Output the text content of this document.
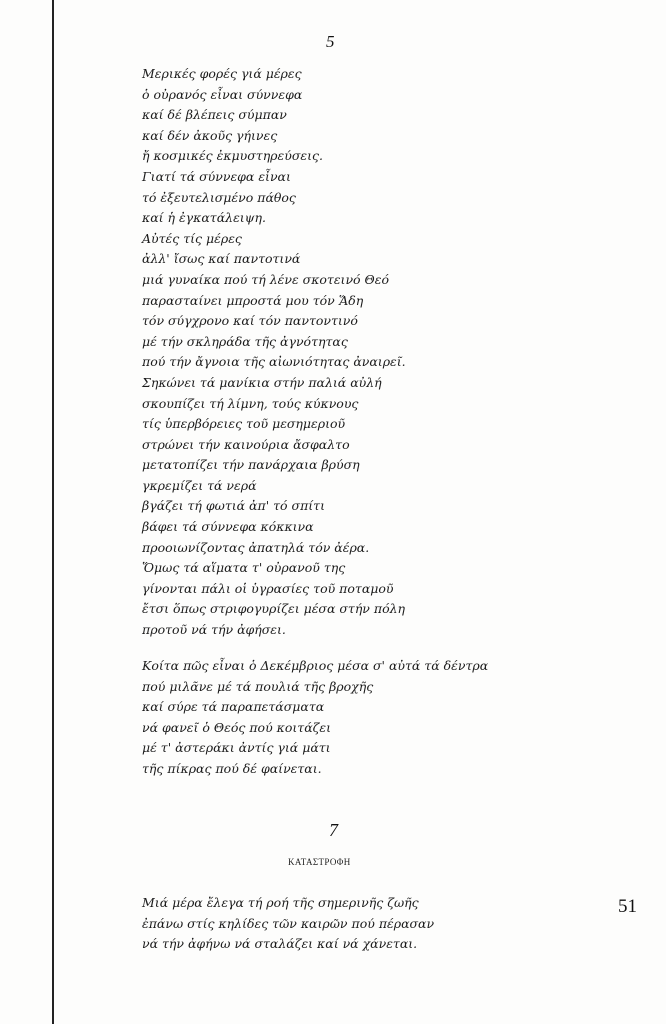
5
Μερικές φορές γιά μέρες
ὁ οὐρανός εἶναι σύννεφα
καί δέ βλέπεις σύμπαν
καί δέν ἀκοῦς γήινες
ἤ κοσμικές ἐκμυστηρεύσεις.
Γιατί τά σύννεφα εἶναι
τό ἐξευτελισμένο πάθος
καί ἡ ἐγκατάλειψη.
Αὐτές τίς μέρες
ἀλλ' ἴσως καί παντοτινά
μιά γυναίκα πού τή λένε σκοτεινό Θεό
παρασταίνει μπροστά μου τόν Ἅδη
τόν σύγχρονο καί τόν παντοντινό
μέ τήν σκληράδα τῆς ἀγνότητας
πού τήν ἄγνοια τῆς αἰωνιότητας ἀναιρεῖ.
Σηκώνει τά μανίκια στήν παλιά αὐλή
σκουπίζει τή λίμνη, τούς κύκνους
τίς ὑπερβόρειες τοῦ μεσημεριοῦ
στρώνει τήν καινούρια ἄσφαλτο
μετατοπίζει τήν πανάρχαια βρύση
γκρεμίζει τά νερά
βγάζει τή φωτιά ἀπ' τό σπίτι
βάφει τά σύννεφα κόκκινα
προοιωνίζοντας ἀπατηλά τόν ἀέρα.
Ὅμως τά αἵματα τ' οὐρανοῦ της
γίνονται πάλι οἱ ὑγρασίες τοῦ ποταμοῦ
ἔτσι ὅπως στριφογυρίζει μέσα στήν πόλη
προτοῦ νά τήν ἀφήσει.
Κοίτα πῶς εἶναι ὁ Δεκέμβριος μέσα σ' αὐτά τά δέντρα
πού μιλᾶνε μέ τά πουλιά τῆς βροχῆς
καί σύρε τά παραπετάσματα
νά φανεῖ ὁ Θεός πού κοιτάζει
μέ τ' ἀστεράκι ἀντίς γιά μάτι
τῆς πίκρας πού δέ φαίνεται.
7
ΚΑΤΑΣΤΡΟΦΗ
Μιά μέρα ἔλεγα τή ροή τῆς σημερινῆς ζωῆς
ἐπάνω στίς κηλίδες τῶν καιρῶν πού πέρασαν
νά τήν ἀφήνω νά σταλάζει καί νά χάνεται.
51
